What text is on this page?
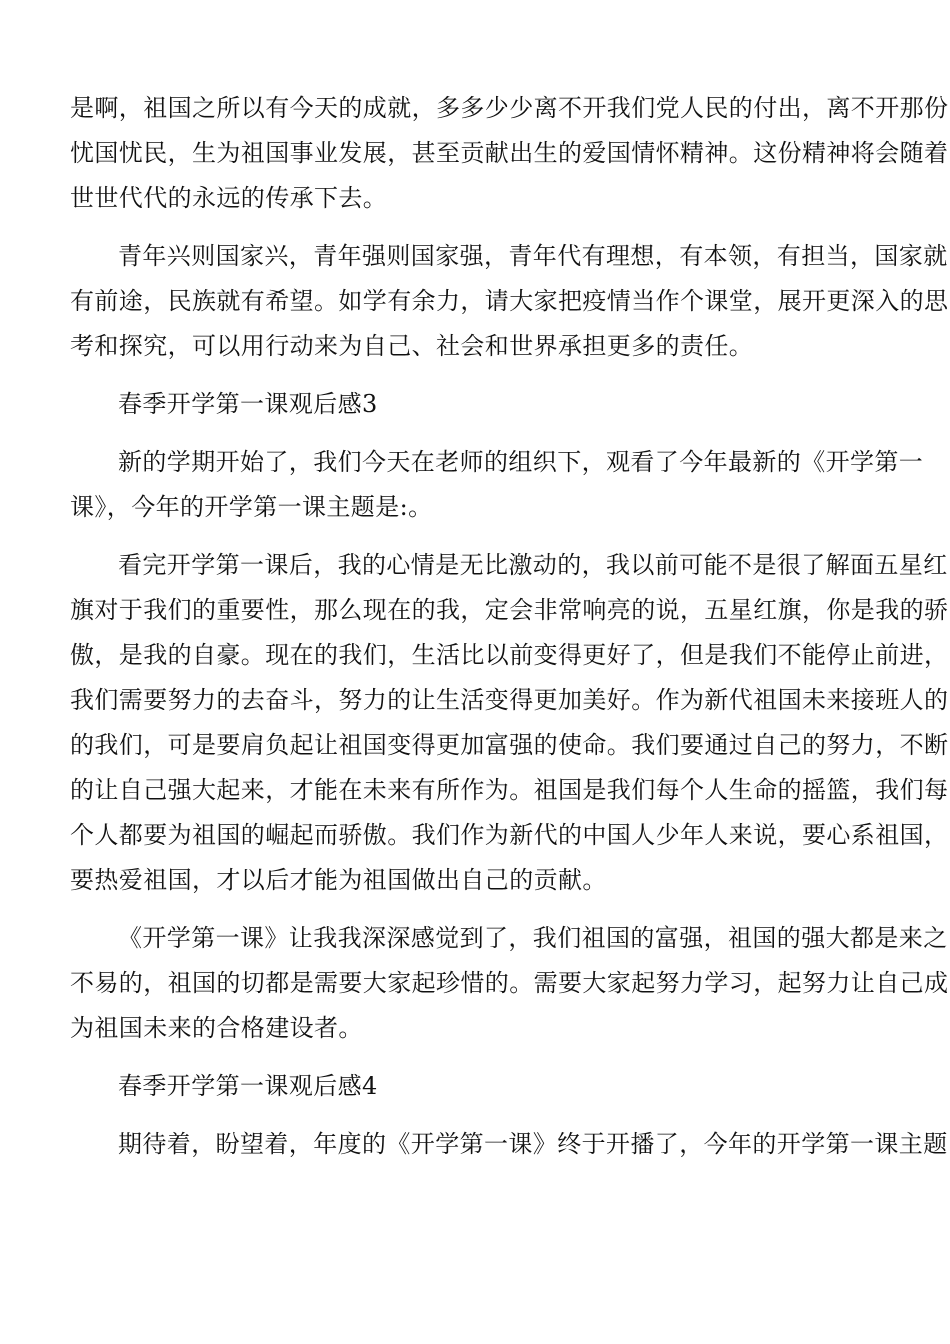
是啊，祖国之所以有今天的成就，多多少少离不开我们党人民的付出，离不开那份
忧国忧民，生为祖国事业发展，甚至贡献出生的爱国情怀精神。这份精神将会随着
世世代代的永远的传承下去。

青年兴则国家兴，青年强则国家强，青年代有理想，有本领，有担当，国家就
有前途，民族就有希望。如学有余力，请大家把疫情当作个课堂，展开更深入的思
考和探究，可以用行动来为自己、社会和世界承担更多的责任。

春季开学第一课观后感3

新的学期开始了，我们今天在老师的组织下，观看了今年最新的《开学第一
课》，今年的开学第一课主题是:。

看完开学第一课后，我的心情是无比激动的，我以前可能不是很了解面五星红
旗对于我们的重要性，那么现在的我，定会非常响亮的说，五星红旗，你是我的骄
傲，是我的自豪。现在的我们，生活比以前变得更好了，但是我们不能停止前进，
我们需要努力的去奋斗，努力的让生活变得更加美好。作为新代祖国未来接班人的
的我们，可是要肩负起让祖国变得更加富强的使命。我们要通过自己的努力，不断
的让自己强大起来，才能在未来有所作为。祖国是我们每个人生命的摇篮，我们每
个人都要为祖国的崛起而骄傲。我们作为新代的中国人少年人来说，要心系祖国，
要热爱祖国，才以后才能为祖国做出自己的贡献。

《开学第一课》让我我深深感觉到了，我们祖国的富强，祖国的强大都是来之
不易的，祖国的切都是需要大家起珍惜的。需要大家起努力学习，起努力让自己成
为祖国未来的合格建设者。

春季开学第一课观后感4

期待着，盼望着，年度的《开学第一课》终于开播了，今年的开学第一课主题
